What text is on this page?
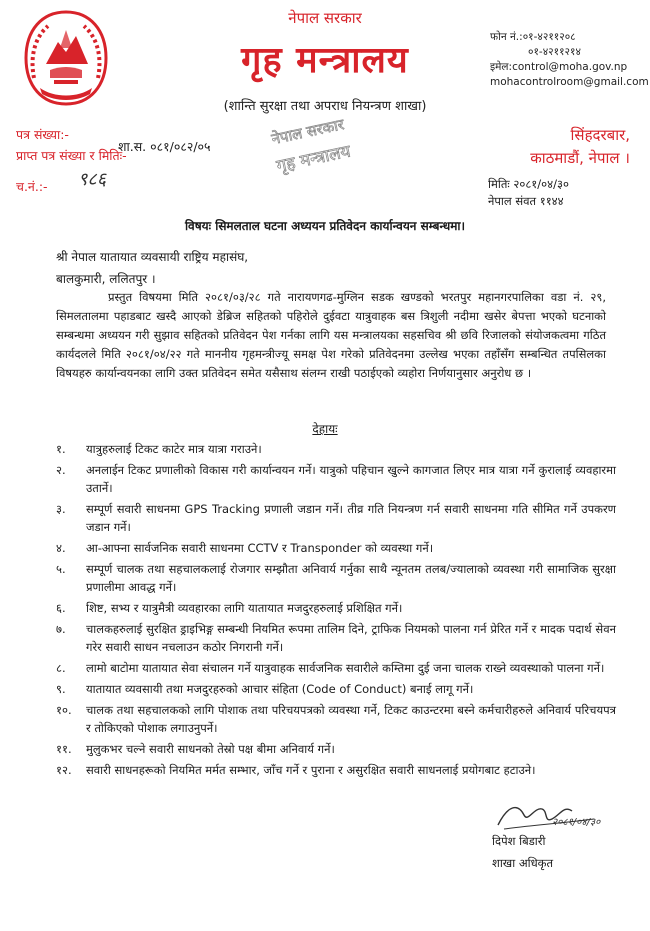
नेपाल सरकार
गृह मन्त्रालय
(शान्ति सुरक्षा तथा अपराध नियन्त्रण शाखा)
फोन नं.:०१-४२११२०८
०१-४२११२१४
इमेल:control@moha.gov.np
mohacontrolroom@gmail.com
पत्र संख्या:-
प्राप्त पत्र संख्या र मितिः-
च.नं.:-
शा.स. ०८१/०८२/०५
९८६
नेपाल सरकार
गृह मन्त्रालय
सिंहदरबार,
काठमाडौं, नेपाल ।
मितिः २०८१/०४/३०
नेपाल संवत ११४४
विषयः सिमलताल घटना अध्ययन प्रतिवेदन कार्यान्वयन सम्बन्धमा।
श्री नेपाल यातायात व्यवसायी राष्ट्रिय महासंघ,
बालकुमारी, ललितपुर ।
प्रस्तुत विषयमा मिति २०८१/०३/२८ गते नारायणगढ-मुग्लिन सडक खण्डको भरतपुर महानगरपालिका वडा नं. २९, सिमलतालमा पहाडबाट खस्दै आएको डेब्रिज सहितको पहिरोले दुईवटा यात्रुवाहक बस त्रिशुली नदीमा खसेर बेपत्ता भएको घटनाको सम्बन्धमा अध्ययन गरी सुझाव सहितको प्रतिवेदन पेश गर्नका लागि यस मन्त्रालयका सहसचिव श्री छवि रिजालको संयोजकत्वमा गठित कार्यदलले मिति २०८१/०४/२२ गते माननीय गृहमन्त्रीज्यू समक्ष पेश गरेको प्रतिवेदनमा उल्लेख भएका तहाँसँग सम्बन्धित तपसिलका विषयहरु कार्यान्वयनका लागि उक्त प्रतिवेदन समेत यसैसाथ संलग्न राखी पठाईएको व्यहोरा निर्णयानुसार अनुरोध छ ।
देहायः
१.	यात्रुहरुलाई टिकट काटेर मात्र यात्रा गराउने।
२.	अनलाईन टिकट प्रणालीको विकास गरी कार्यान्वयन गर्ने। यात्रुको पहिचान खुल्ने कागजात लिएर मात्र यात्रा गर्ने कुरालाई व्यवहारमा उतार्ने।
३.	सम्पूर्ण सवारी साधनमा GPS Tracking प्रणाली जडान गर्ने। तीव्र गति नियन्त्रण गर्न सवारी साधनमा गति सीमित गर्ने उपकरण जडान गर्ने।
४.	आ-आफ्ना सार्वजनिक सवारी साधनमा CCTV र Transponder को व्यवस्था गर्ने।
५.	सम्पूर्ण चालक तथा सहचालकलाई रोजगार सम्झौता अनिवार्य गर्नुका साथै न्यूनतम तलब/ज्यालाको व्यवस्था गरी सामाजिक सुरक्षा प्रणालीमा आवद्ध गर्ने।
६.	शिष्ट, सभ्य र यात्रुमैत्री व्यवहारका लागि यातायात मजदुरहरुलाई प्रशिक्षित गर्ने।
७.	चालकहरुलाई सुरक्षित ड्राइभिङ्ग सम्बन्धी नियमित रूपमा तालिम दिने, ट्राफिक नियमको पालना गर्न प्रेरित गर्ने र मादक पदार्थ सेवन गरेर सवारी साधन नचलाउन कठोर निगरानी गर्ने।
८.	लामो बाटोमा यातायात सेवा संचालन गर्ने यात्रुवाहक सार्वजनिक सवारीले कम्तिमा दुई जना चालक राख्ने व्यवस्थाको पालना गर्ने।
९.	यातायात व्यवसायी तथा मजदुरहरुको आचार संहिता (Code of Conduct) बनाई लागू गर्ने।
१०.	चालक तथा सहचालकको लागि पोशाक तथा परिचयपत्रको व्यवस्था गर्ने, टिकट काउन्टरमा बस्ने कर्मचारीहरुले अनिवार्य परिचयपत्र र तोकिएको पोशाक लगाउनुपर्ने।
११.	मुलुकभर चल्ने सवारी साधनको तेस्रो पक्ष बीमा अनिवार्य गर्ने।
१२.	सवारी साधनहरूको नियमित मर्मत सम्भार, जाँच गर्ने र पुराना र असुरक्षित सवारी साधनलाई प्रयोगबाट हटाउने।
२०८१/०४/३०
दिपेश बिडारी
शाखा अधिकृत
